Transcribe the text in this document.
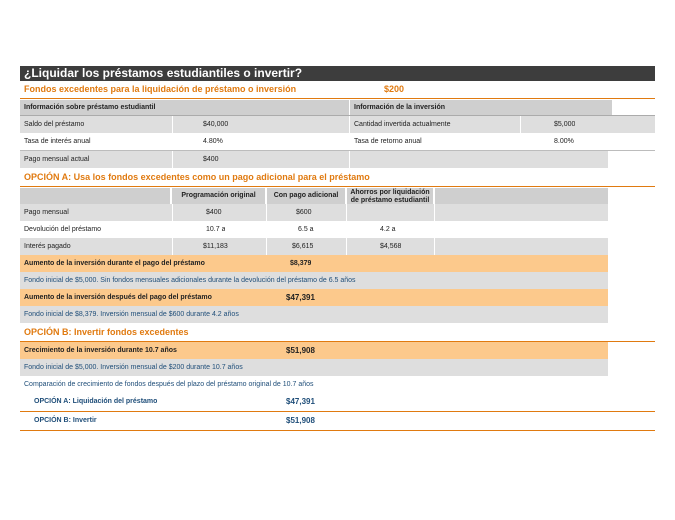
¿Liquidar los préstamos estudiantiles o invertir?
Fondos excedentes para la liquidación de préstamo o inversión	$200
Información sobre préstamo estudiantil	Información de la inversión
Saldo del préstamo	$40,000	Cantidad invertida actualmente	$5,000
Tasa de interés anual	4.80%	Tasa de retorno anual	8.00%
Pago mensual actual	$400
OPCIÓN A: Usa los fondos excedentes como un pago adicional para el préstamo
Programación original	Con pago adicional	Ahorros por liquidación de préstamo estudiantil
Pago mensual	$400	$600
Devolución del préstamo	10.7 a	6.5 a	4.2 a
Interés pagado	$11,183	$6,615	$4,568
Aumento de la inversión durante el pago del préstamo	$8,379
Fondo inicial de $5,000. Sin fondos mensuales adicionales durante la devolución del préstamo de 6.5 años
Aumento de la inversión después del pago del préstamo	$47,391
Fondo inicial de $8,379. Inversión mensual de $600 durante 4.2 años
OPCIÓN B: Invertir fondos excedentes
Crecimiento de la inversión durante 10.7 años	$51,908
Fondo inicial de $5,000. Inversión mensual de $200 durante 10.7 años
Comparación de crecimiento de fondos después del plazo del préstamo original de 10.7 años
OPCIÓN A: Liquidación del préstamo	$47,391
OPCIÓN B: Invertir	$51,908
